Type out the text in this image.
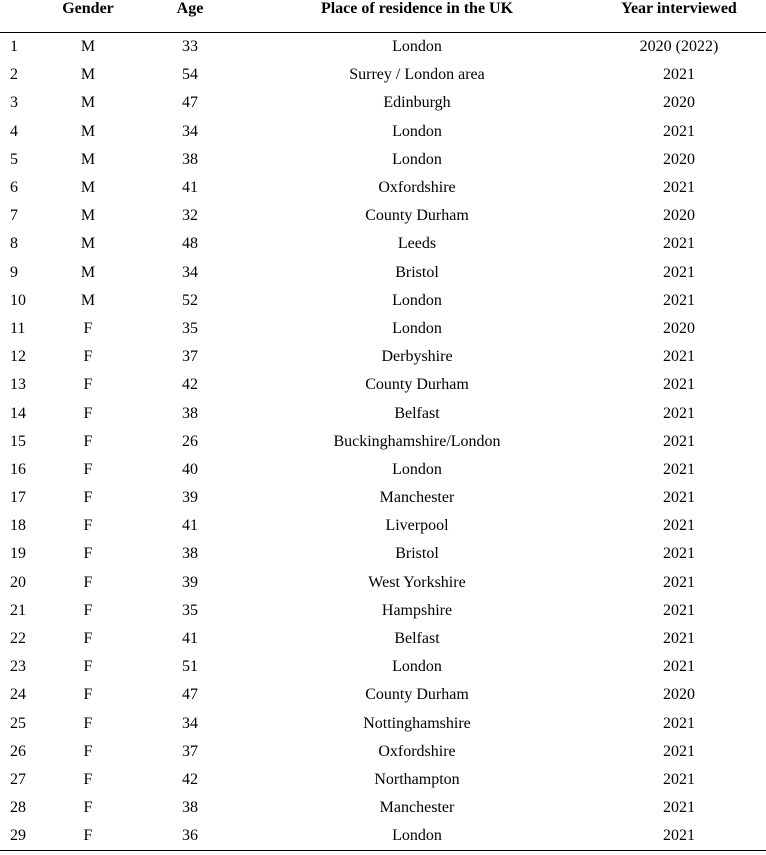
	Gender	Age	Place of residence in the UK	Year interviewed
1	M	33	London	2020 (2022)
2	M	54	Surrey / London area	2021
3	M	47	Edinburgh	2020
4	M	34	London	2021
5	M	38	London	2020
6	M	41	Oxfordshire	2021
7	M	32	County Durham	2020
8	M	48	Leeds	2021
9	M	34	Bristol	2021
10	M	52	London	2021
11	F	35	London	2020
12	F	37	Derbyshire	2021
13	F	42	County Durham	2021
14	F	38	Belfast	2021
15	F	26	Buckinghamshire/London	2021
16	F	40	London	2021
17	F	39	Manchester	2021
18	F	41	Liverpool	2021
19	F	38	Bristol	2021
20	F	39	West Yorkshire	2021
21	F	35	Hampshire	2021
22	F	41	Belfast	2021
23	F	51	London	2021
24	F	47	County Durham	2020
25	F	34	Nottinghamshire	2021
26	F	37	Oxfordshire	2021
27	F	42	Northampton	2021
28	F	38	Manchester	2021
29	F	36	London	2021
